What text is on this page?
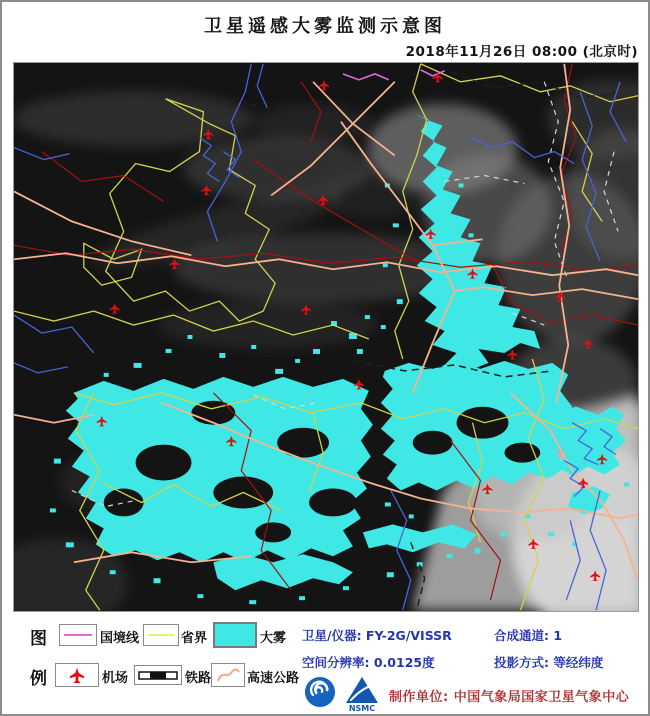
卫星遥感大雾监测示意图
2018年11月26日 08:00 (北京时)
图
例
国境线	省界	大雾
机场	铁路	高速公路
卫星/仪器: FY-2G/VISSR	合成通道: 1
空间分辨率: 0.0125度	投影方式: 等经纬度
NSMC
制作单位: 中国气象局国家卫星气象中心
